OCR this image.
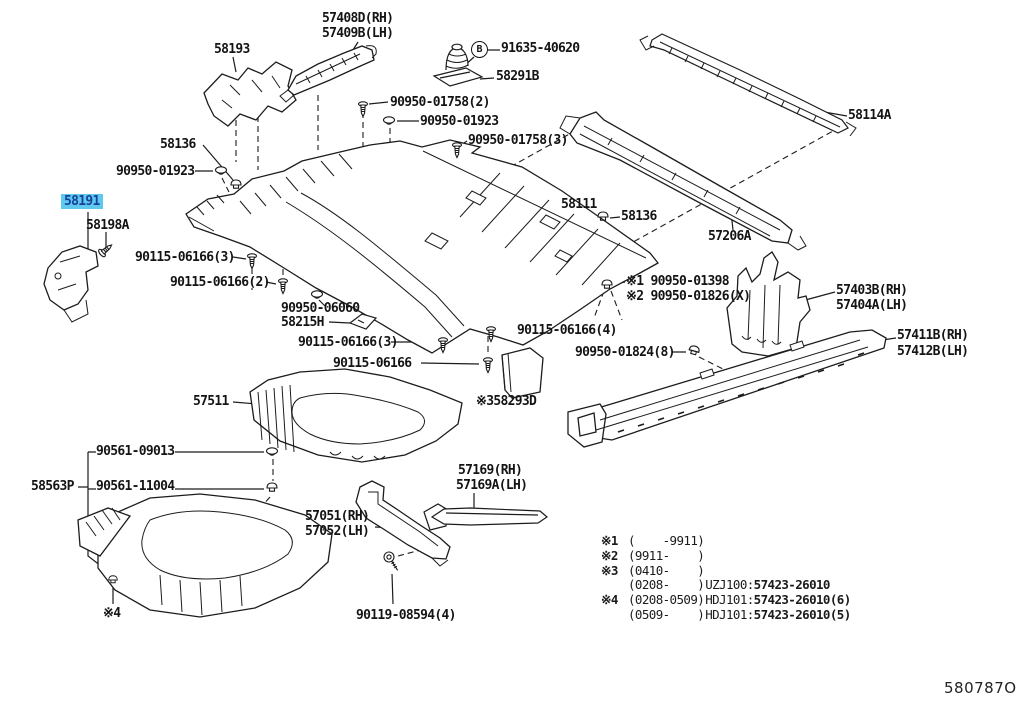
57408D(RH)
57409B(LH)
58193	B	91635-40620
58291B
90950-01758(2)
90950-01923
90950-01758(3)
58114A
58136
90950-01923
58191
58198A
90115-06166(3)
90115-06166(2)
58111
58136
57206A
※1 90950-01398
※2 90950-01826(X)	57403B(RH)
57404A(LH)
57411B(RH)
57412B(LH)
90950-06060
58215H
90115-06166(3)
90115-06166
90115-06166(4)
90950-01824(8)
※358293D
57511
90561-09013
58563P 90561-11004
57169(RH)
57169A(LH)
57051(RH)
57052(LH)
90119-08594(4)
※4
※1 (    -9911)
※2 (9911-    )
※3 (0410-    )
(0208-    ) UZJ100: 57423-26010
※4 (0208-0509) HDJ101: 57423-26010(6)
(0509-    ) HDJ101: 57423-26010(5)
580787O
